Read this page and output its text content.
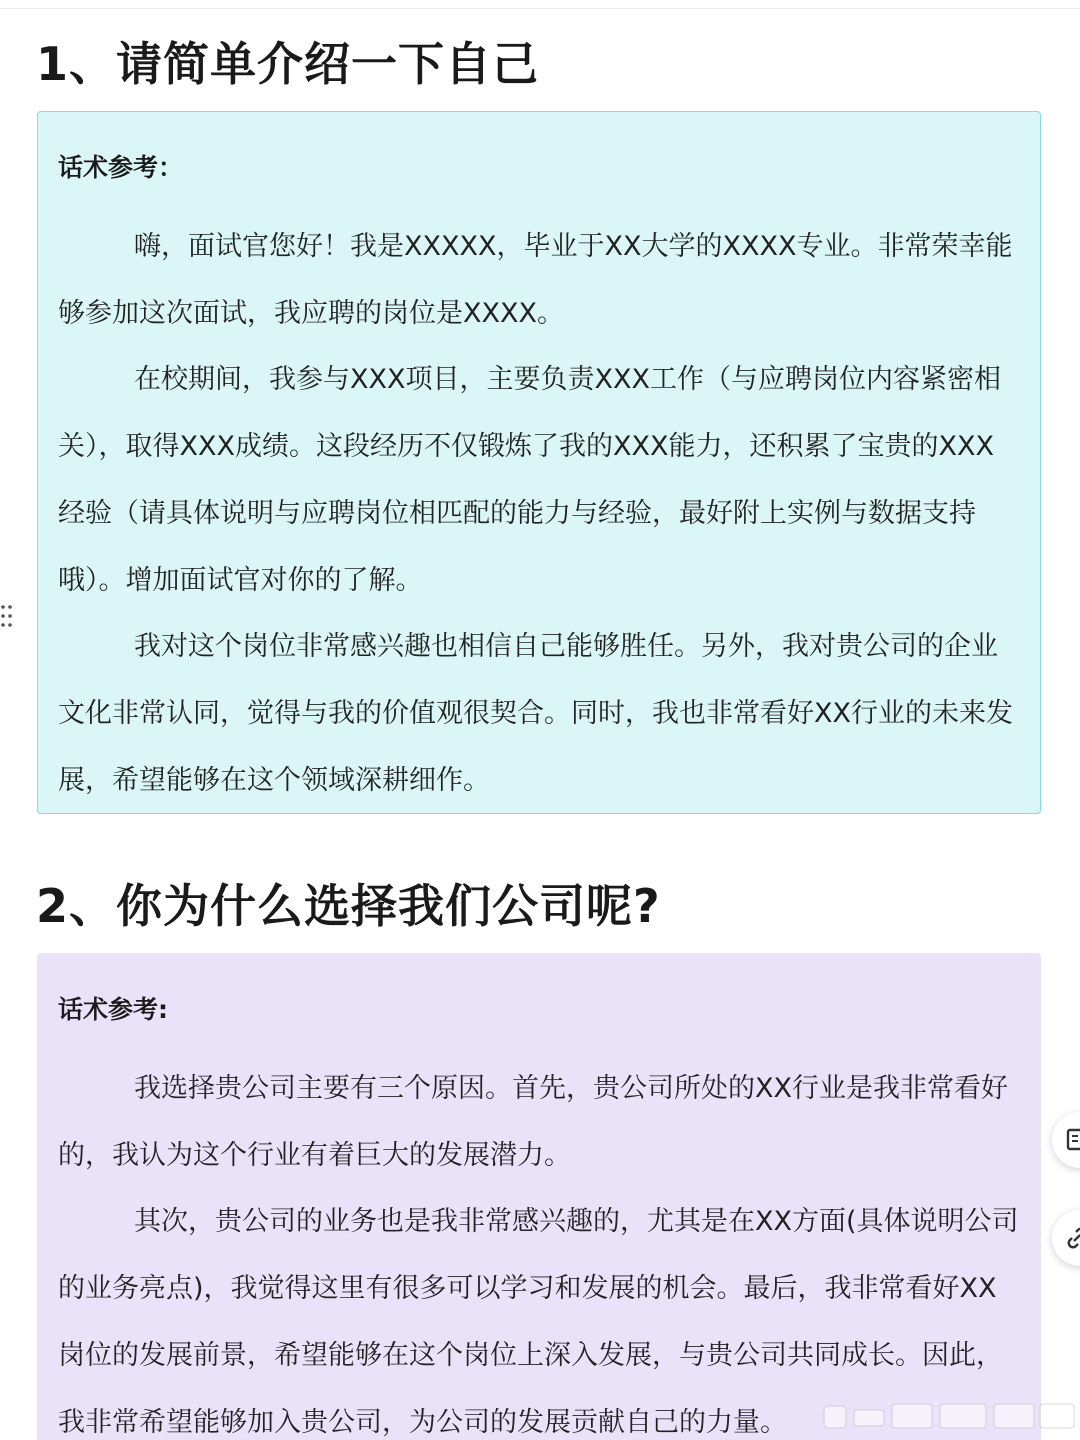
1、请简单介绍一下自己
话术参考：

嗨，面试官您好！我是XXXXX，毕业于XX大学的XXXX专业。非常荣幸能够参加这次面试，我应聘的岗位是XXXX。

在校期间，我参与XXX项目，主要负责XXX工作（与应聘岗位内容紧密相关），取得XXX成绩。这段经历不仅锻炼了我的XXX能力，还积累了宝贵的XXX经验（请具体说明与应聘岗位相匹配的能力与经验，最好附上实例与数据支持哦）。增加面试官对你的了解。

我对这个岗位非常感兴趣也相信自己能够胜任。另外，我对贵公司的企业文化非常认同，觉得与我的价值观很契合。同时，我也非常看好XX行业的未来发展，希望能够在这个领域深耕细作。

2、你为什么选择我们公司呢?
话术参考:

我选择贵公司主要有三个原因。首先，贵公司所处的XX行业是我非常看好的，我认为这个行业有着巨大的发展潜力。

其次，贵公司的业务也是我非常感兴趣的，尤其是在XX方面(具体说明公司的业务亮点)，我觉得这里有很多可以学习和发展的机会。最后，我非常看好XX岗位的发展前景，希望能够在这个岗位上深入发展，与贵公司共同成长。因此，我非常希望能够加入贵公司，为公司的发展贡献自己的力量。
